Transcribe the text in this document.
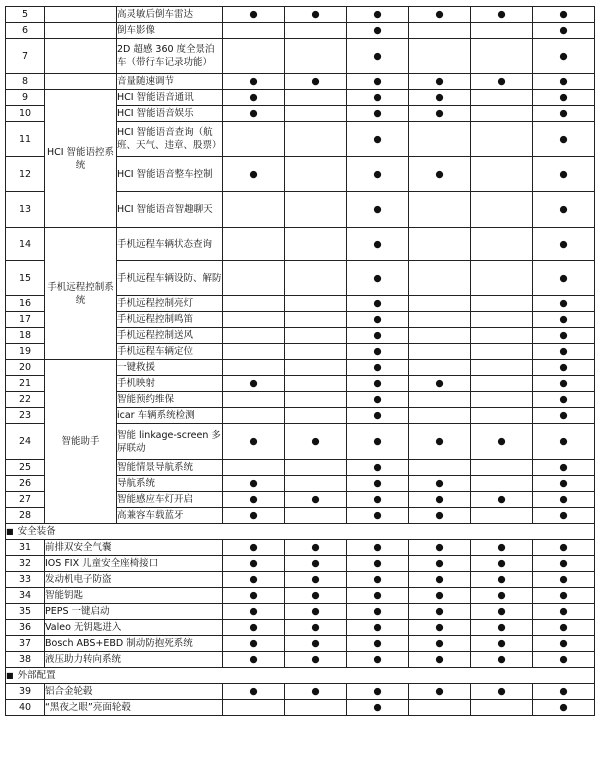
5		高灵敏后倒车雷达	●	●	●	●	●	●
6		倒车影像			●			●
7		2D 超感 360 度全景泊车（带行车记录功能）			●			●
8		音量随速调节	●	●	●	●	●	●
9	HCI 智能语控系统	HCI 智能语音通讯	●		●	●		●
10		HCI 智能语音娱乐	●		●	●		●
11		HCI 智能语音查询（航班、天气、违章、股票）			●			●
12		HCI 智能语音整车控制	●		●	●		●
13		HCI 智能语音智趣聊天			●			●
14	手机远程控制系统	手机远程车辆状态查询			●			●
15		手机远程车辆设防、解防			●			●
16		手机远程控制亮灯			●			●
17		手机远程控制鸣笛			●			●
18		手机远程控制送风			●			●
19		手机远程车辆定位			●			●
20	智能助手	一键救援			●			●
21		手机映射	●		●	●		●
22		智能预约维保			●			●
23		icar 车辆系统检测			●			●
24		智能 linkage-screen 多屏联动	●	●	●	●	●	●
25		智能情景导航系统			●			●
26		导航系统	●		●	●		●
27		智能感应车灯开启	●	●	●	●	●	●
28		高兼容车载蓝牙	●		●	●		●
■ 安全装备								
31	前排双安全气囊		●	●	●	●	●	●
32	IOS FIX 儿童安全座椅接口		●	●	●	●	●	●
33	发动机电子防盗		●	●	●	●	●	●
34	智能钥匙		●	●	●	●	●	●
35	PEPS 一键启动		●	●	●	●	●	●
36	Valeo 无钥匙进入		●	●	●	●	●	●
37	Bosch ABS+EBD 制动防抱死系统		●	●	●	●	●	●
38	液压助力转向系统		●	●	●	●	●	●
■ 外部配置								
39	铝合金轮毂		●	●	●	●	●	●
40	“黑夜之眼”亮面轮毂				●			●
